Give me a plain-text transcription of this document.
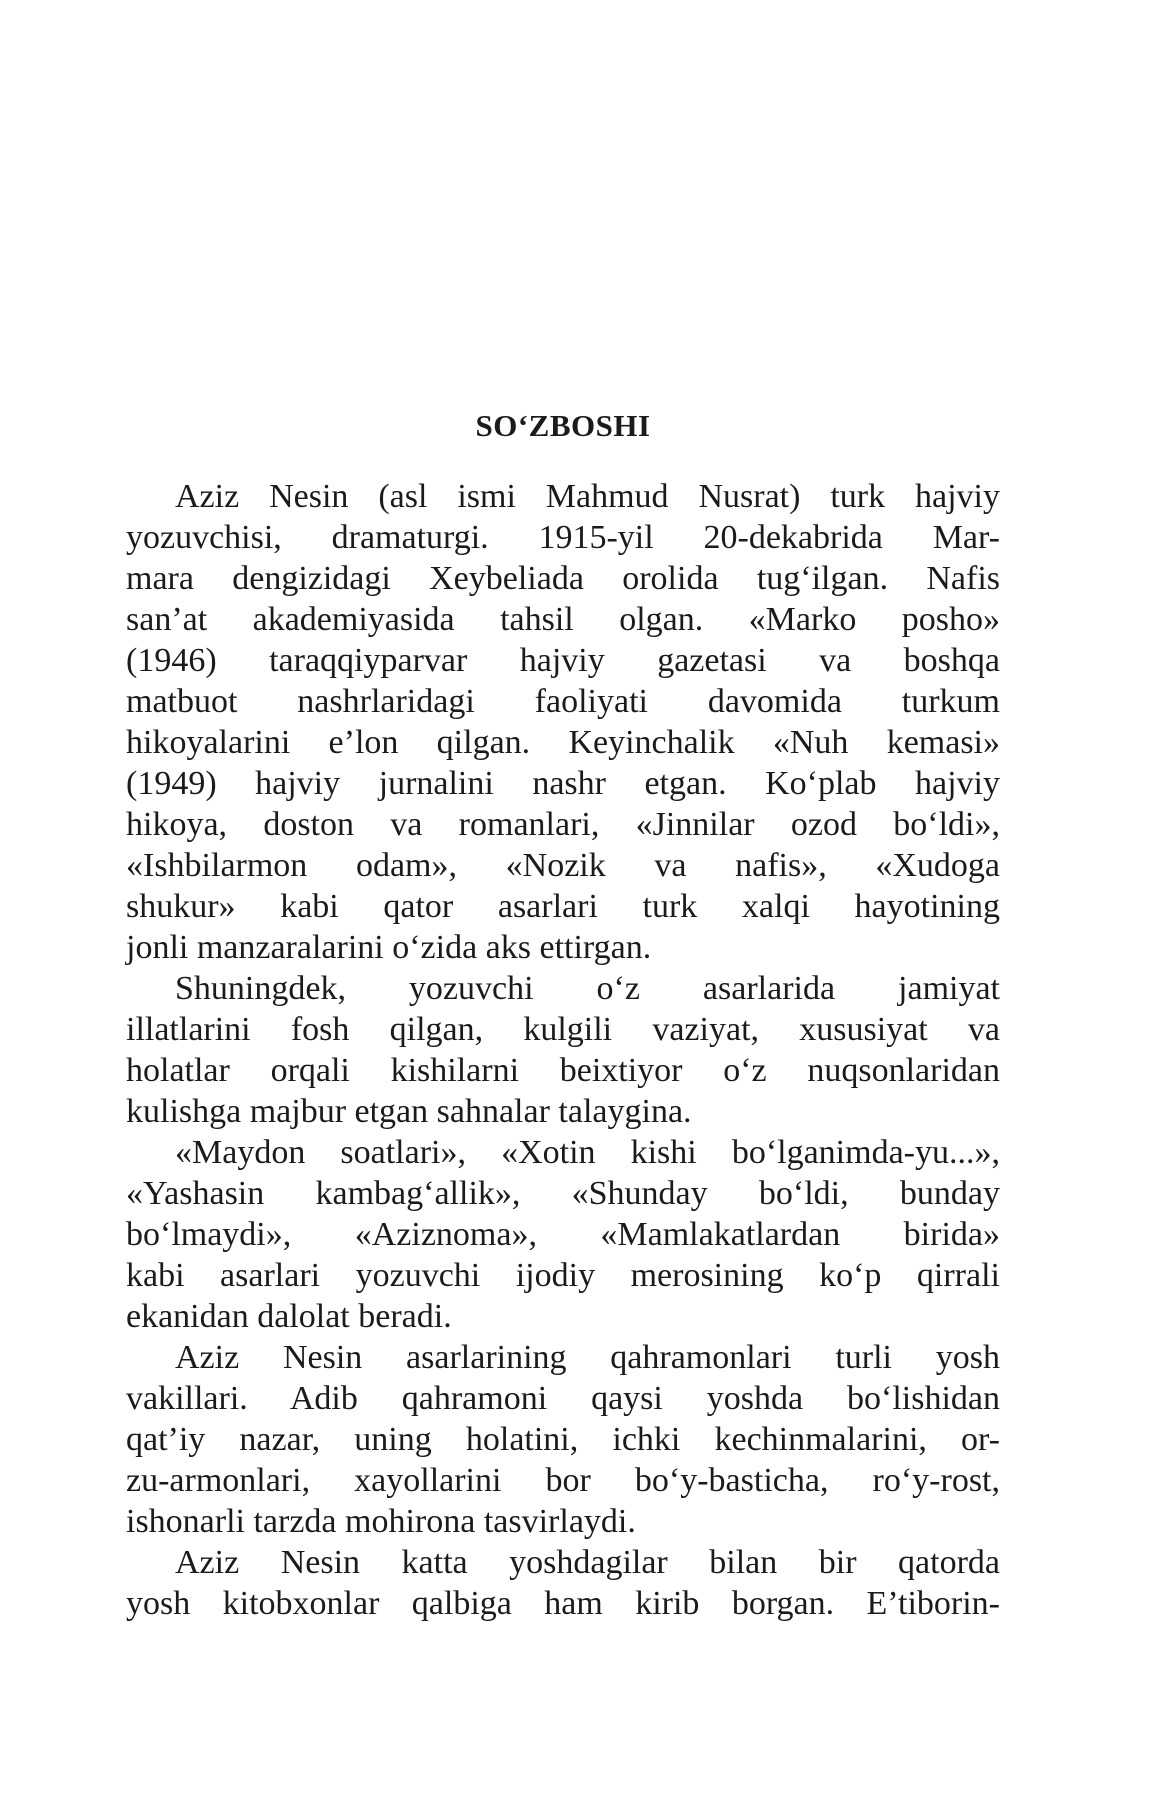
SOʻZBOSHI
Aziz Nesin (asl ismi Mahmud Nusrat) turk hajviy
yozuvchisi, dramaturgi. 1915-yil 20-dekabrida Mar-
mara dengizidagi Xeybeliada orolida tugʻilgan. Nafis
san’at akademiyasida tahsil olgan. «Marko posho»
(1946) taraqqiyparvar hajviy gazetasi va boshqa
matbuot nashrlaridagi faoliyati davomida turkum
hikoyalarini e’lon qilgan. Keyinchalik «Nuh kemasi»
(1949) hajviy jurnalini nashr etgan. Koʻplab hajviy
hikoya, doston va romanlari, «Jinnilar ozod boʻldi»,
«Ishbilarmon odam», «Nozik va nafis», «Xudoga
shukur» kabi qator asarlari turk xalqi hayotining
jonli manzaralarini oʻzida aks ettirgan.
Shuningdek, yozuvchi oʻz asarlarida jamiyat
illatlarini fosh qilgan, kulgili vaziyat, xususiyat va
holatlar orqali kishilarni beixtiyor oʻz nuqsonlaridan
kulishga majbur etgan sahnalar talaygina.
«Maydon soatlari», «Xotin kishi boʻlganimda-yu...»,
«Yashasin kambagʻallik», «Shunday boʻldi, bunday
boʻlmaydi», «Aziznoma», «Mamlakatlardan birida»
kabi asarlari yozuvchi ijodiy merosining koʻp qirrali
ekanidan dalolat beradi.
Aziz Nesin asarlarining qahramonlari turli yosh
vakillari. Adib qahramoni qaysi yoshda boʻlishidan
qat’iy nazar, uning holatini, ichki kechinmalarini, or-
zu-armonlari, xayollarini bor boʻy-basticha, roʻy-rost,
ishonarli tarzda mohirona tasvirlaydi.
Aziz Nesin katta yoshdagilar bilan bir qatorda
yosh kitobxonlar qalbiga ham kirib borgan. E’tiborin-
